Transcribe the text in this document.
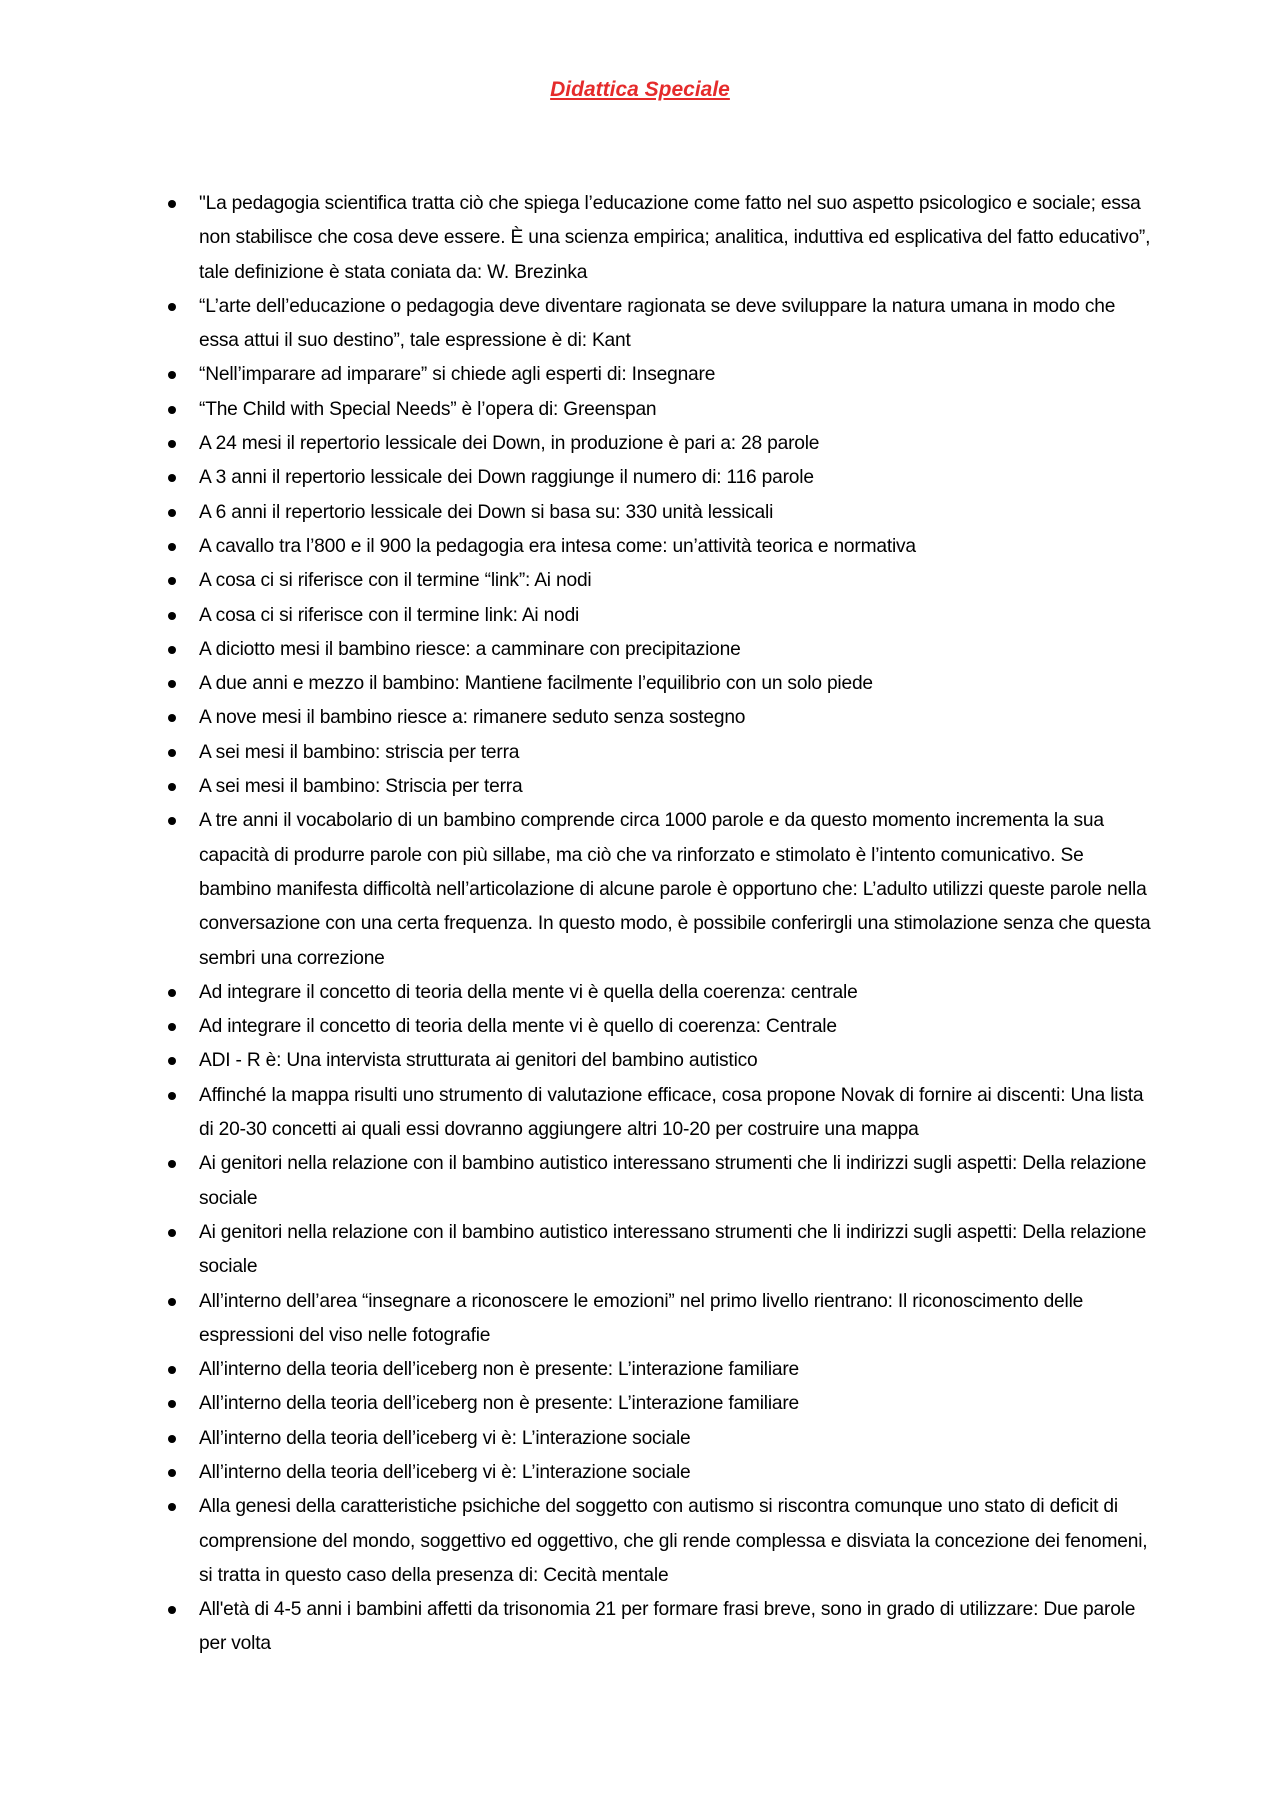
Didattica Speciale
"La pedagogia scientifica tratta ciò che spiega l’educazione come fatto nel suo aspetto psicologico e sociale; essa non stabilisce che cosa deve essere. È una scienza empirica; analitica, induttiva ed esplicativa del fatto educativo”, tale definizione è stata coniata da: W. Brezinka
“L’arte dell’educazione o pedagogia deve diventare ragionata se deve sviluppare la natura umana in modo che essa attui il suo destino”, tale espressione è di: Kant
“Nell’imparare ad imparare” si chiede agli esperti di: Insegnare
“The Child with Special Needs” è l’opera di: Greenspan
A 24 mesi il repertorio lessicale dei Down, in produzione è pari a: 28 parole
A 3 anni il repertorio lessicale dei Down raggiunge il numero di: 116 parole
A 6 anni il repertorio lessicale dei Down si basa su: 330 unità lessicali
A cavallo tra l’800 e il 900 la pedagogia era intesa come: un’attività teorica e normativa
A cosa ci si riferisce con il termine “link”: Ai nodi
A cosa ci si riferisce con il termine link: Ai nodi
A diciotto mesi il bambino riesce: a camminare con precipitazione
A due anni e mezzo il bambino: Mantiene facilmente l’equilibrio con un solo piede
A nove mesi il bambino riesce a: rimanere seduto senza sostegno
A sei mesi il bambino: striscia per terra
A sei mesi il bambino: Striscia per terra
A tre anni il vocabolario di un bambino comprende circa 1000 parole e da questo momento incrementa la sua capacità di produrre parole con più sillabe, ma ciò che va rinforzato e stimolato è l’intento comunicativo. Se bambino manifesta difficoltà nell’articolazione di alcune parole è opportuno che: L’adulto utilizzi queste parole nella conversazione con una certa frequenza. In questo modo, è possibile conferirgli una stimolazione senza che questa sembri una correzione
Ad integrare il concetto di teoria della mente vi è quella della coerenza: centrale
Ad integrare il concetto di teoria della mente vi è quello di coerenza: Centrale
ADI - R è: Una intervista strutturata ai genitori del bambino autistico
Affinché la mappa risulti uno strumento di valutazione efficace, cosa propone Novak di fornire ai discenti: Una lista di 20-30 concetti ai quali essi dovranno aggiungere altri 10-20 per costruire una mappa
Ai genitori nella relazione con il bambino autistico interessano strumenti che li indirizzi sugli aspetti: Della relazione sociale
Ai genitori nella relazione con il bambino autistico interessano strumenti che li indirizzi sugli aspetti: Della relazione sociale
All’interno dell’area “insegnare a riconoscere le emozioni” nel primo livello rientrano: Il riconoscimento delle espressioni del viso nelle fotografie
All’interno della teoria dell’iceberg non è presente: L’interazione familiare
All’interno della teoria dell’iceberg non è presente: L’interazione familiare
All’interno della teoria dell’iceberg vi è: L’interazione sociale
All’interno della teoria dell’iceberg vi è: L’interazione sociale
Alla genesi della caratteristiche psichiche del soggetto con autismo si riscontra comunque uno stato di deficit di comprensione del mondo, soggettivo ed oggettivo, che gli rende complessa e disviata la concezione dei fenomeni, si tratta in questo caso della presenza di: Cecità mentale
All'età di 4-5 anni i bambini affetti da trisonomia 21 per formare frasi breve, sono in grado di utilizzare: Due parole per volta
